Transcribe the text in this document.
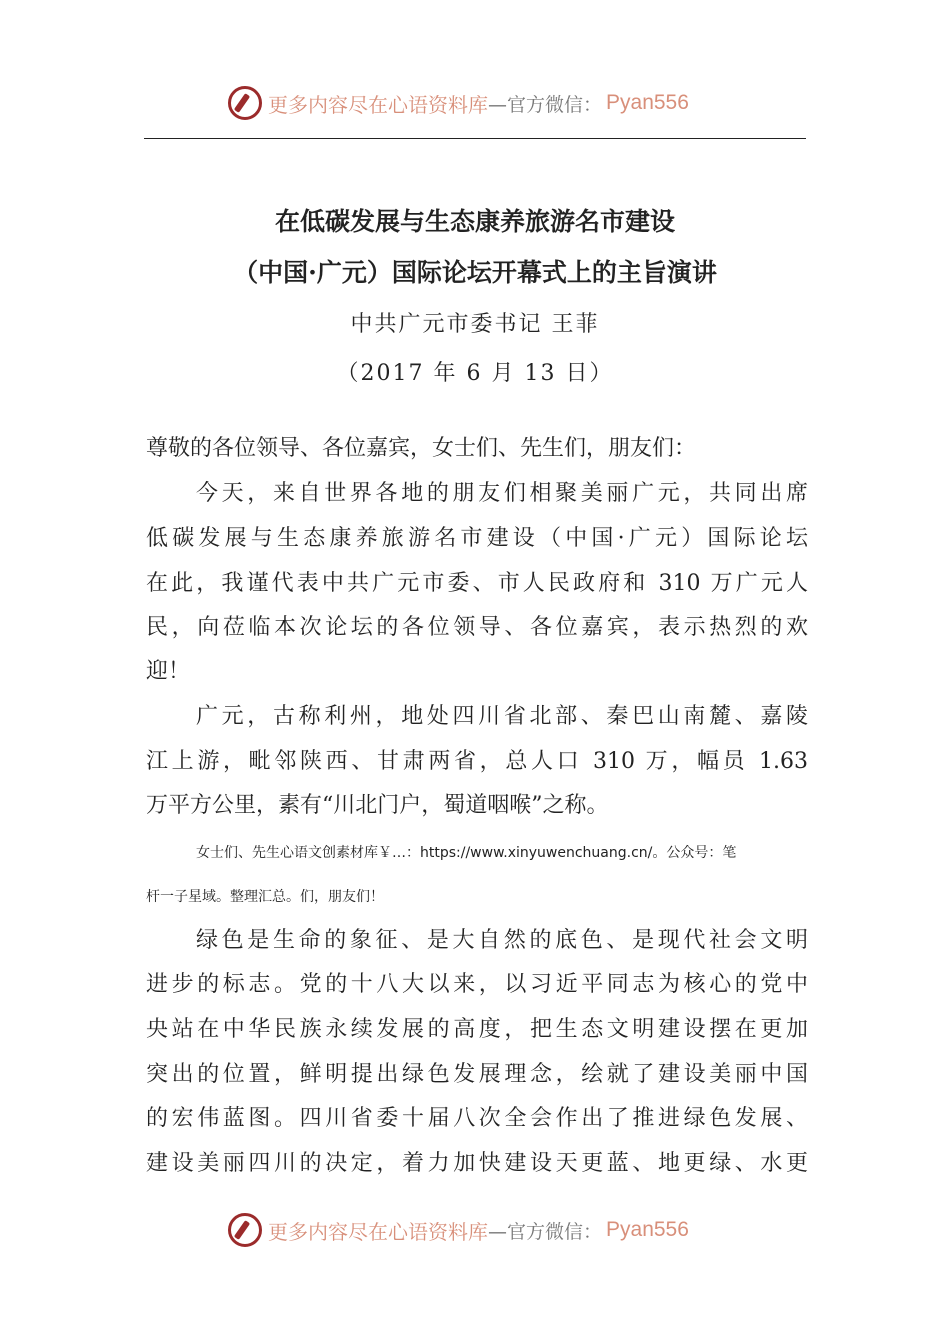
更多内容尽在心语资料库 —官方微信： Pyan556
在低碳发展与生态康养旅游名市建设
（中国·广元）国际论坛开幕式上的主旨演讲
中共广元市委书记 王菲
（2017 年 6 月 13 日）
尊敬的各位领导、各位嘉宾，女士们、先生们，朋友们：
今天，来自世界各地的朋友们相聚美丽广元，共同出席
低碳发展与生态康养旅游名市建设（中国·广元）国际论坛
在此，我谨代表中共广元市委、市人民政府和 310 万广元人
民，向莅临本次论坛的各位领导、各位嘉宾，表示热烈的欢
迎！
广元，古称利州，地处四川省北部、秦巴山南麓、嘉陵
江上游，毗邻陕西、甘肃两省，总人口 310 万，幅员 1.63
万平方公里，素有“川北门户，蜀道咽喉”之称。
女士们、先生心语文创素材库￥…：https://www.xinyuwenchuang.cn/。公众号：笔
杆一子星域。整理汇总。们，朋友们！
绿色是生命的象征、是大自然的底色、是现代社会文明
进步的标志。党的十八大以来，以习近平同志为核心的党中
央站在中华民族永续发展的高度，把生态文明建设摆在更加
突出的位置，鲜明提出绿色发展理念，绘就了建设美丽中国
的宏伟蓝图。四川省委十届八次全会作出了推进绿色发展、
建设美丽四川的决定，着力加快建设天更蓝、地更绿、水更
更多内容尽在心语资料库 —官方微信： Pyan556
